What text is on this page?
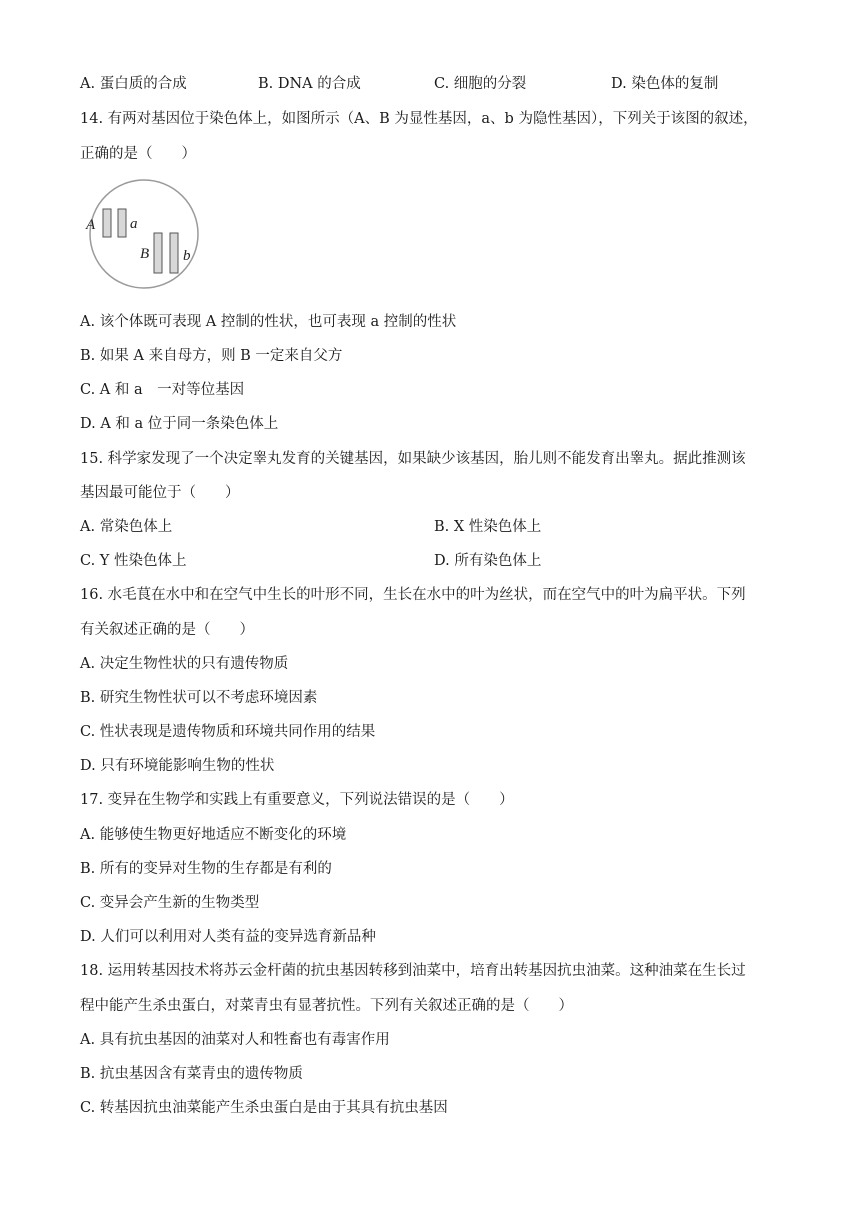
A. 蛋白质的合成	B. DNA 的合成	C. 细胞的分裂	D. 染色体的复制
14. 有两对基因位于染色体上，如图所示（A、B 为显性基因，a、b 为隐性基因），下列关于该图的叙述，
正确的是（　　）
A a
B b
A. 该个体既可表现 A 控制的性状，也可表现 a 控制的性状
B. 如果 A 来自母方，则 B 一定来自父方
C. A 和 a　一对等位基因
D. A 和 a 位于同一条染色体上
15. 科学家发现了一个决定睾丸发育的关键基因，如果缺少该基因，胎儿则不能发育出睾丸。据此推测该
基因最可能位于（　　）
A. 常染色体上	B. X 性染色体上
C. Y 性染色体上	D. 所有染色体上
16. 水毛茛在水中和在空气中生长的叶形不同，生长在水中的叶为丝状，而在空气中的叶为扁平状。下列
有关叙述正确的是（　　）
A. 决定生物性状的只有遗传物质
B. 研究生物性状可以不考虑环境因素
C. 性状表现是遗传物质和环境共同作用的结果
D. 只有环境能影响生物的性状
17. 变异在生物学和实践上有重要意义，下列说法错误的是（　　）
A. 能够使生物更好地适应不断变化的环境
B. 所有的变异对生物的生存都是有利的
C. 变异会产生新的生物类型
D. 人们可以利用对人类有益的变异选育新品种
18. 运用转基因技术将苏云金杆菌的抗虫基因转移到油菜中，培育出转基因抗虫油菜。这种油菜在生长过
程中能产生杀虫蛋白，对菜青虫有显著抗性。下列有关叙述正确的是（　　）
A. 具有抗虫基因的油菜对人和牲畜也有毒害作用
B. 抗虫基因含有菜青虫的遗传物质
C. 转基因抗虫油菜能产生杀虫蛋白是由于其具有抗虫基因
